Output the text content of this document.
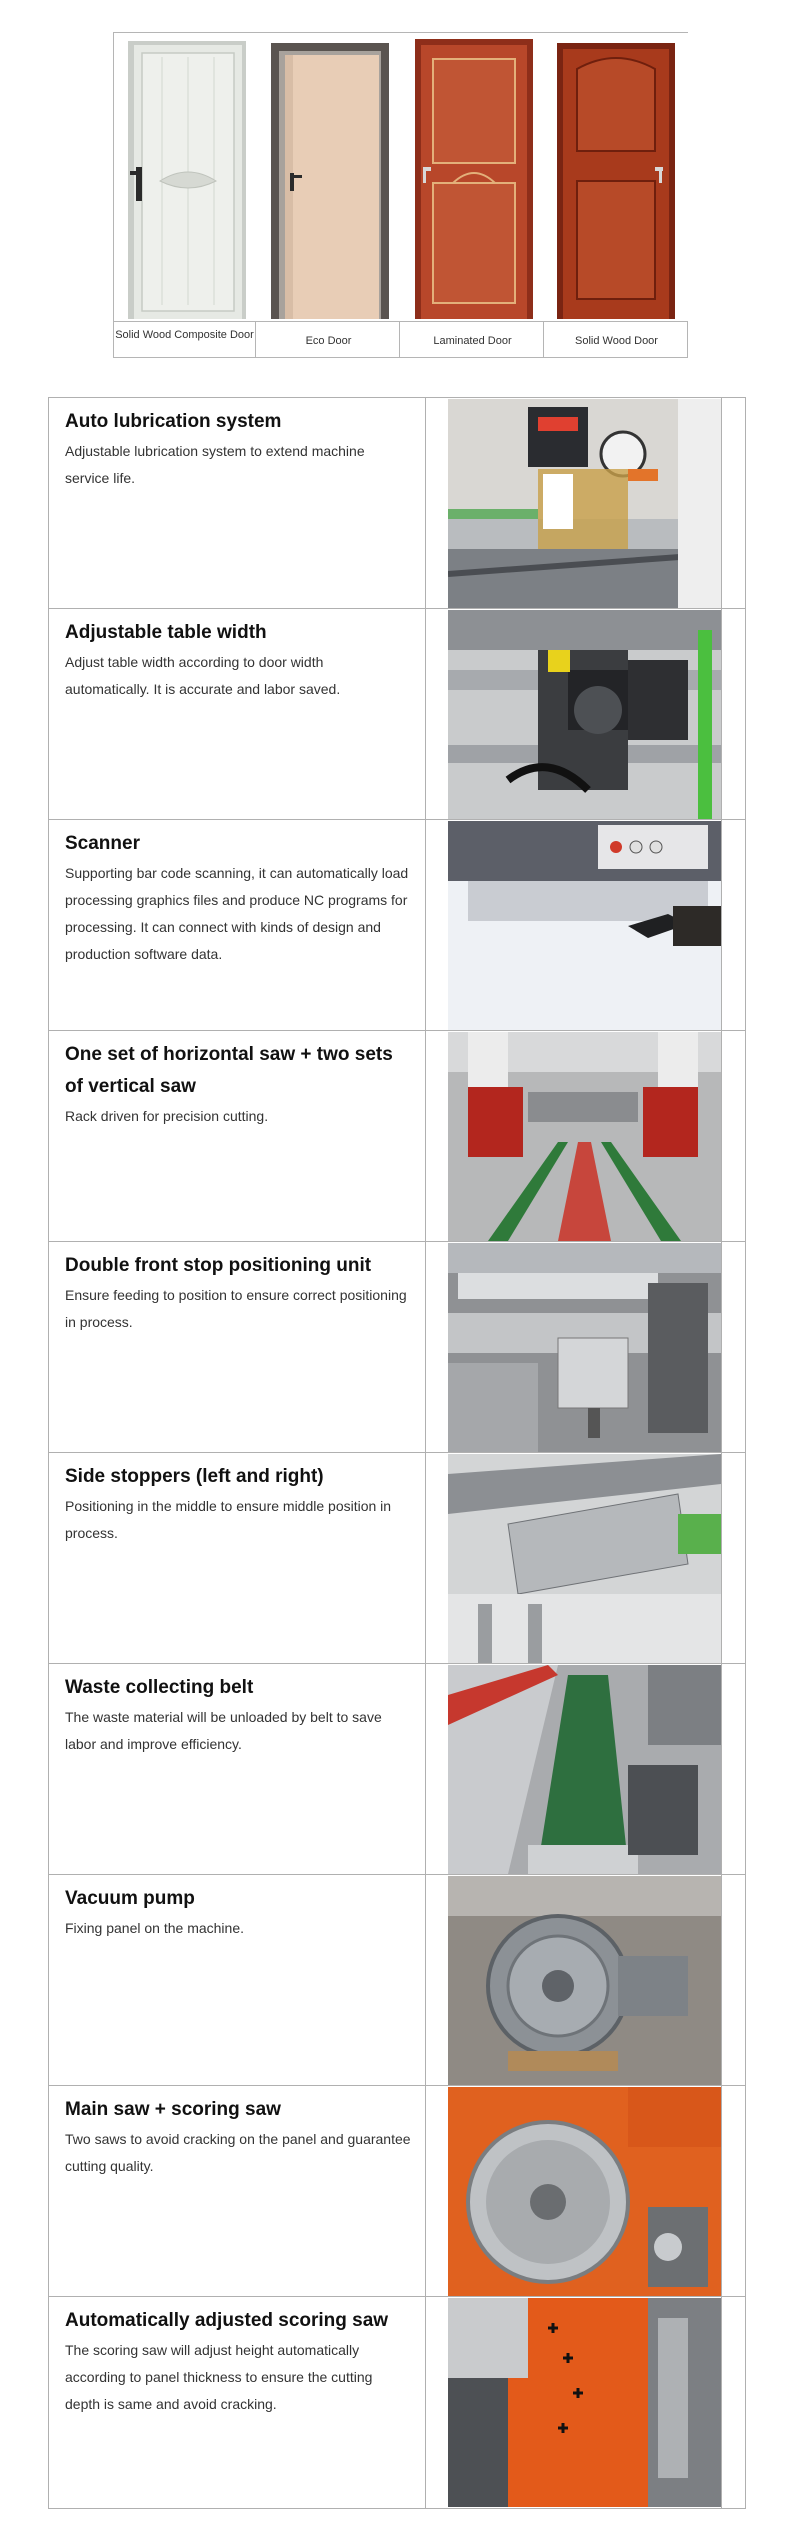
Solid Wood Composite Door	Eco Door	Laminated Door	Solid Wood Door
Auto lubrication system
Adjustable lubrication system to extend machine service life.
Adjustable table width
Adjust table width according to door width automatically. It is accurate and labor saved.
Scanner
Supporting bar code scanning, it can automatically load processing graphics files and produce NC programs for processing. It can connect with kinds of design and production software data.
One set of horizontal saw + two sets of vertical saw
Rack driven for precision cutting.
Double front stop positioning unit
Ensure feeding to position to ensure correct positioning in process.
Side stoppers (left and right)
Positioning in the middle to ensure middle position in process.
Waste collecting belt
The waste material will be unloaded by belt to save labor and improve efficiency.
Vacuum pump
Fixing panel on the machine.
Main saw + scoring saw
Two saws to avoid cracking on the panel and guarantee cutting quality.
Automatically adjusted scoring saw
The scoring saw will adjust height automatically according to panel thickness to ensure the cutting depth is same and avoid cracking.
